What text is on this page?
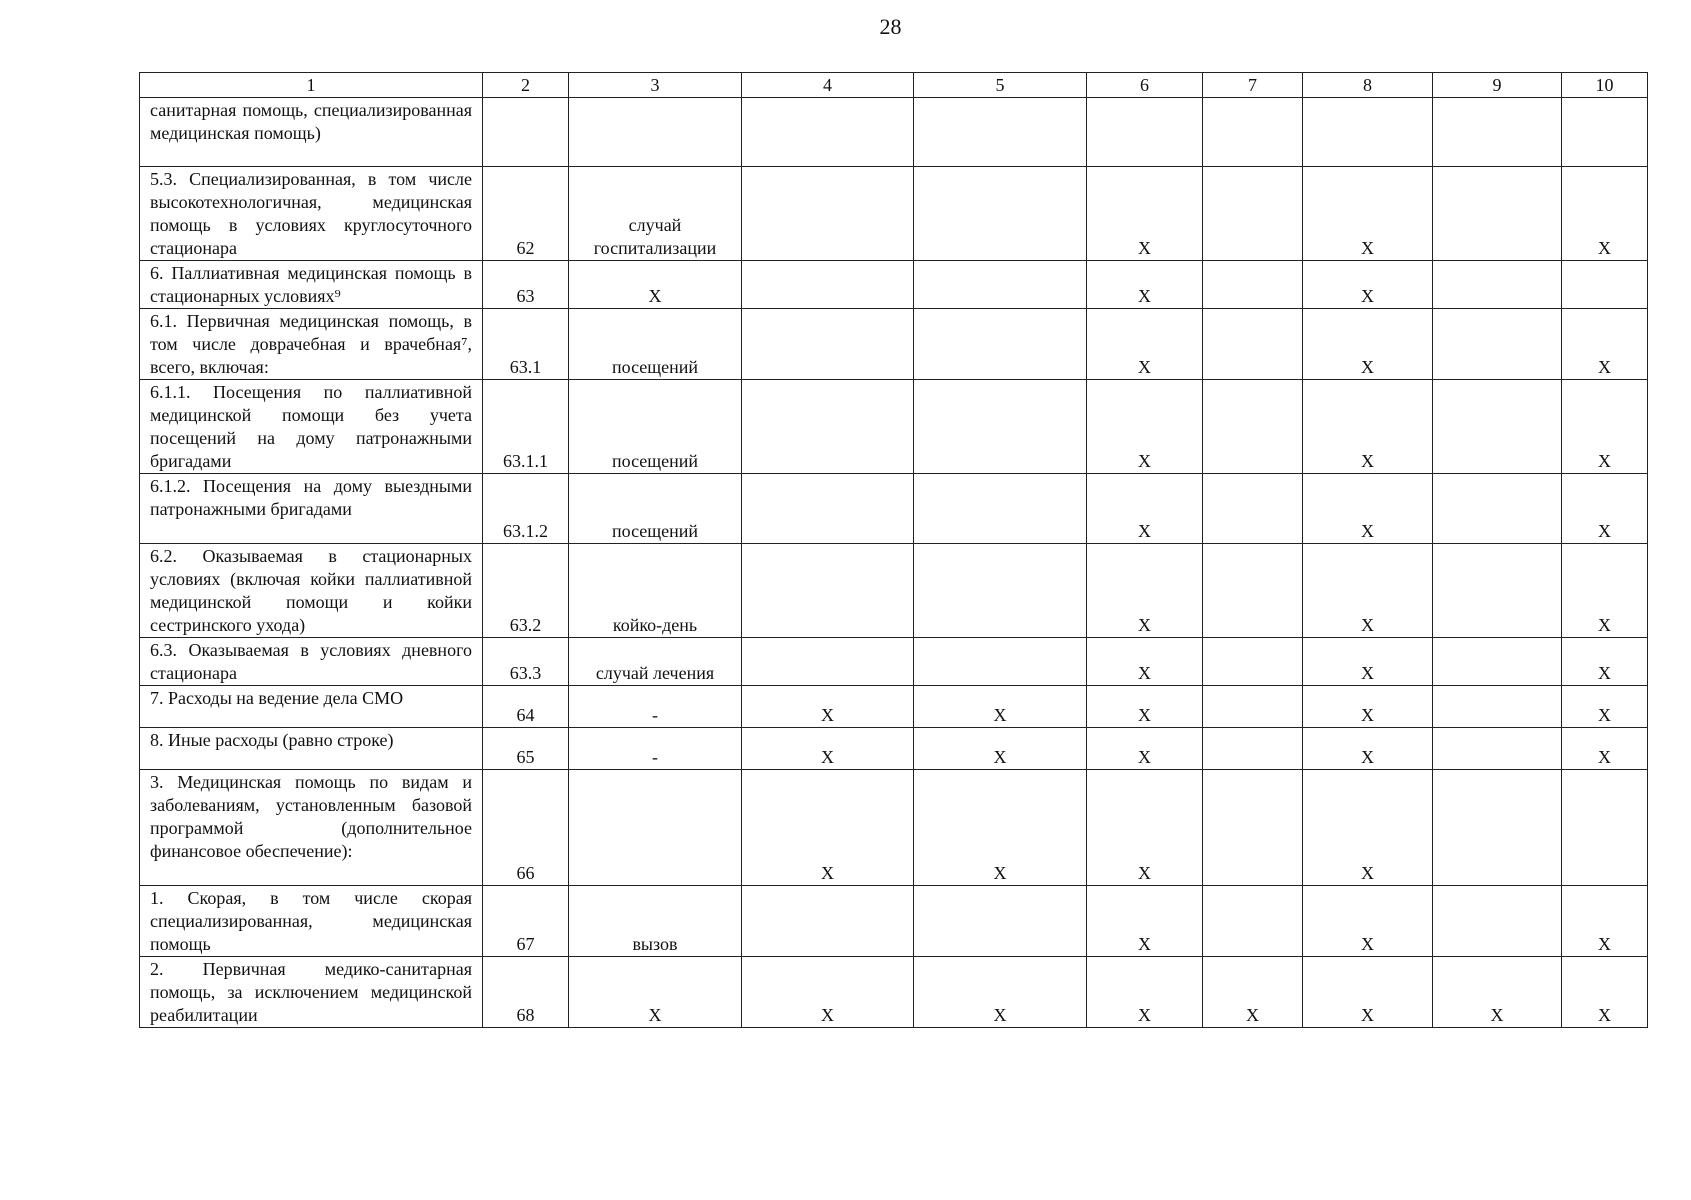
28
1	2	3	4	5	6	7	8	9	10
санитарная помощь, специализированная медицинская помощь)									
5.3. Специализированная, в том числе высокотехнологичная, медицинская помощь в условиях круглосуточного стационара	62	случай госпитализации			X		X		X
6. Паллиативная медицинская помощь в стационарных условиях⁹	63	X			X		X		
6.1. Первичная медицинская помощь, в том числе доврачебная и врачебная⁷, всего, включая:	63.1	посещений			X		X		X
6.1.1. Посещения по паллиативной медицинской помощи без учета посещений на дому патронажными бригадами	63.1.1	посещений			X		X		X
6.1.2. Посещения на дому выездными патронажными бригадами	63.1.2	посещений			X		X		X
6.2. Оказываемая в стационарных условиях (включая койки паллиативной медицинской помощи и койки сестринского ухода)	63.2	койко-день			X		X		X
6.3. Оказываемая в условиях дневного стационара	63.3	случай лечения			X		X		X
7. Расходы на ведение дела СМО	64	-	X	X	X		X		X
8. Иные расходы (равно строке)	65	-	X	X	X		X		X
3. Медицинская помощь по видам и заболеваниям, установленным базовой программой (дополнительное финансовое обеспечение):	66		X	X	X		X		
1. Скорая, в том числе скорая специализированная, медицинская помощь	67	вызов			X		X		X
2. Первичная медико-санитарная помощь, за исключением медицинской реабилитации	68	X	X	X	X	X	X	X	X
